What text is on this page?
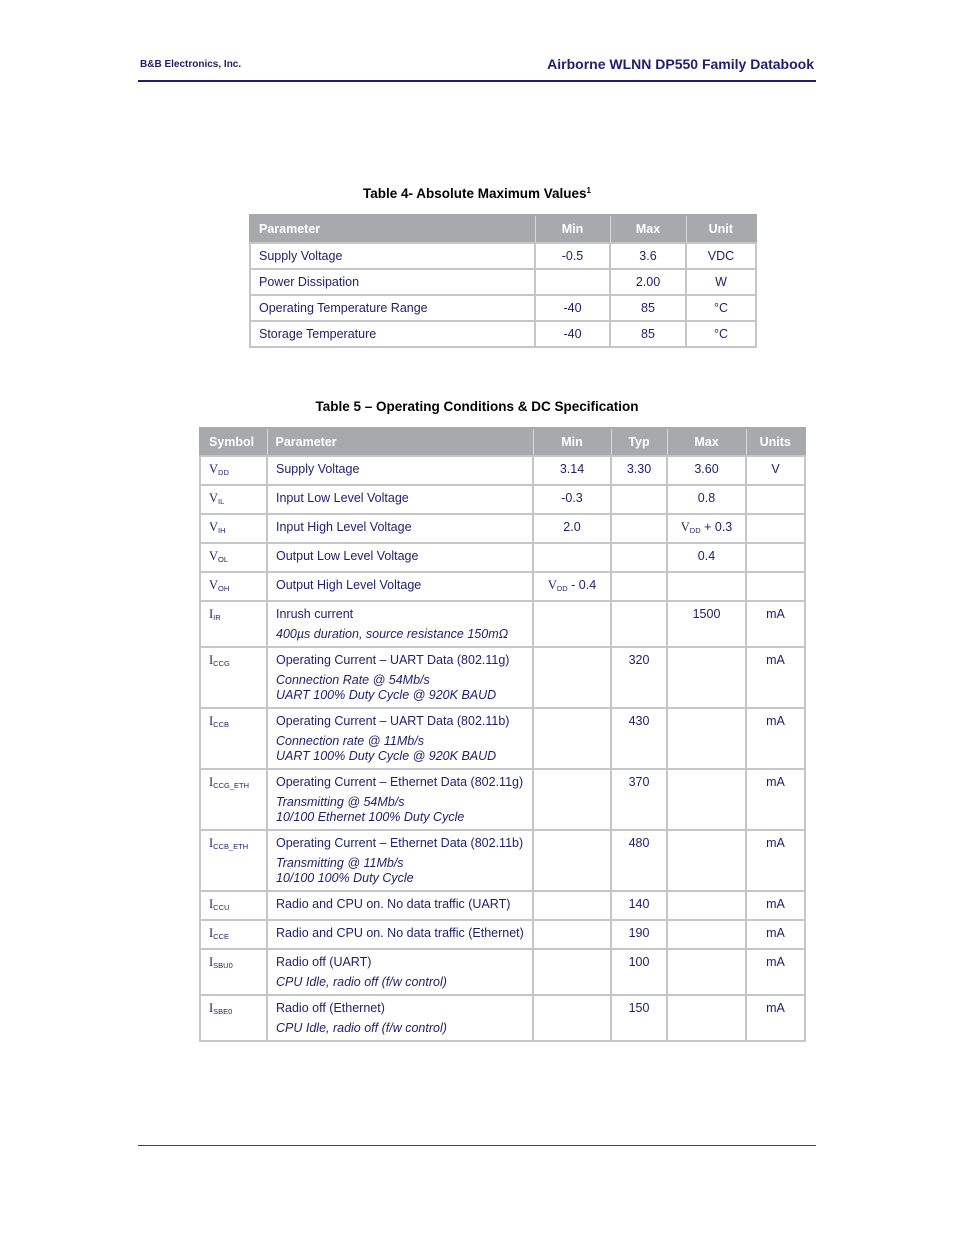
B&B Electronics, Inc.	Airborne WLNN DP550 Family Databook
Table 4- Absolute Maximum Values$^1$
Parameter	Min	Max	Unit
Supply Voltage	-0.5	3.6	VDC
Power Dissipation		2.00	W
Operating Temperature Range	-40	85	°C
Storage Temperature	-40	85	°C
Table 5 – Operating Conditions & DC Specification
Symbol	Parameter	Min	Typ	Max	Units
$V_{DD}$	Supply Voltage	3.14	3.30	3.60	V
$V_{IL}$	Input Low Level Voltage	-0.3		0.8	
$V_{IH}$	Input High Level Voltage	2.0		$V_{DD} + 0.3$	
$V_{OL}$	Output Low Level Voltage			0.4	
$V_{OH}$	Output High Level Voltage	$V_{DD} - 0.4$			
$I_{IR}$	Inrush current
400µs duration, source resistance 150mΩ			1500	mA
$I_{CCG}$	Operating Current – UART Data (802.11g)
Connection Rate @ 54Mb/s
UART 100% Duty Cycle @ 920K BAUD		320		mA
$I_{CCB}$	Operating Current – UART Data (802.11b)
Connection rate @ 11Mb/s
UART 100% Duty Cycle @ 920K BAUD		430		mA
$I_{CCG\_ETH}$	Operating Current – Ethernet Data (802.11g)
Transmitting @ 54Mb/s
10/100 Ethernet 100% Duty Cycle		370		mA
$I_{CCB\_ETH}$	Operating Current – Ethernet Data (802.11b)
Transmitting @ 11Mb/s
10/100 100% Duty Cycle		480		mA
$I_{CCU}$	Radio and CPU on. No data traffic (UART)		140		mA
$I_{CCE}$	Radio and CPU on. No data traffic (Ethernet)		190		mA
$I_{SBU0}$	Radio off (UART)
CPU Idle, radio off (f/w control)		100		mA
$I_{SBE0}$	Radio off (Ethernet)
CPU Idle, radio off (f/w control)		150		mA
